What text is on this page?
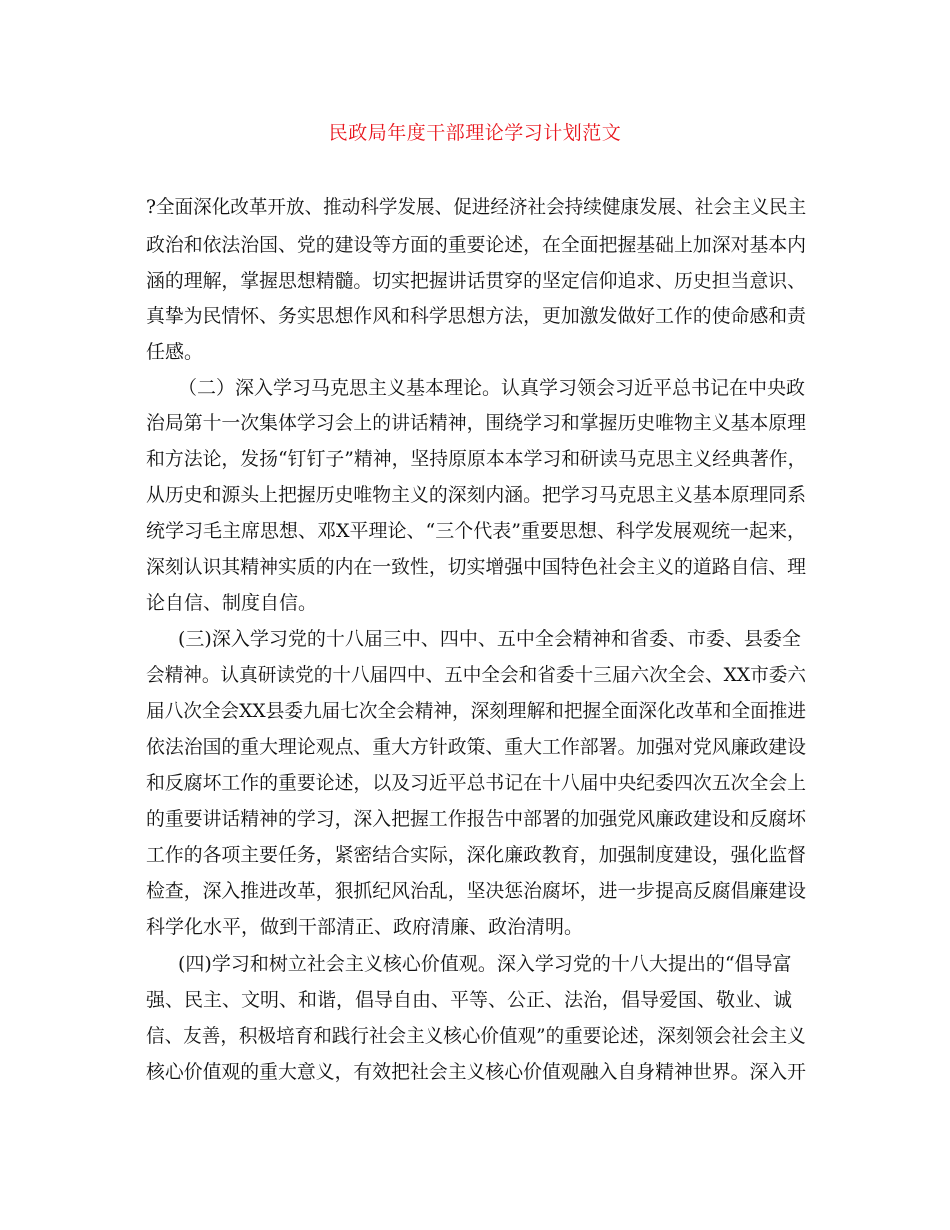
民政局年度干部理论学习计划范文
?全面深化改革开放、推动科学发展、促进经济社会持续健康发展、社会主义民主
政治和依法治国、党的建设等方面的重要论述，在全面把握基础上加深对基本内
涵的理解，掌握思想精髓。切实把握讲话贯穿的坚定信仰追求、历史担当意识、
真挚为民情怀、务实思想作风和科学思想方法，更加激发做好工作的使命感和责
任感。
（二）深入学习马克思主义基本理论。认真学习领会习近平总书记在中央政
治局第十一次集体学习会上的讲话精神，围绕学习和掌握历史唯物主义基本原理
和方法论，发扬“钉钉子”精神，坚持原原本本学习和研读马克思主义经典著作，
从历史和源头上把握历史唯物主义的深刻内涵。把学习马克思主义基本原理同系
统学习毛主席思想、邓X平理论、“三个代表”重要思想、科学发展观统一起来，
深刻认识其精神实质的内在一致性，切实增强中国特色社会主义的道路自信、理
论自信、制度自信。
(三)深入学习党的十八届三中、四中、五中全会精神和省委、市委、县委全
会精神。认真研读党的十八届四中、五中全会和省委十三届六次全会、XX市委六
届八次全会XX县委九届七次全会精神，深刻理解和把握全面深化改革和全面推进
依法治国的重大理论观点、重大方针政策、重大工作部署。加强对党风廉政建设
和反腐坏工作的重要论述，以及习近平总书记在十八届中央纪委四次五次全会上
的重要讲话精神的学习，深入把握工作报告中部署的加强党风廉政建设和反腐坏
工作的各项主要任务，紧密结合实际，深化廉政教育，加强制度建设，强化监督
检查，深入推进改革，狠抓纪风治乱，坚决惩治腐坏，进一步提高反腐倡廉建设
科学化水平，做到干部清正、政府清廉、政治清明。
(四)学习和树立社会主义核心价值观。深入学习党的十八大提出的“倡导富
强、民主、文明、和谐，倡导自由、平等、公正、法治，倡导爱国、敬业、诚
信、友善，积极培育和践行社会主义核心价值观”的重要论述，深刻领会社会主义
核心价值观的重大意义，有效把社会主义核心价值观融入自身精神世界。深入开
